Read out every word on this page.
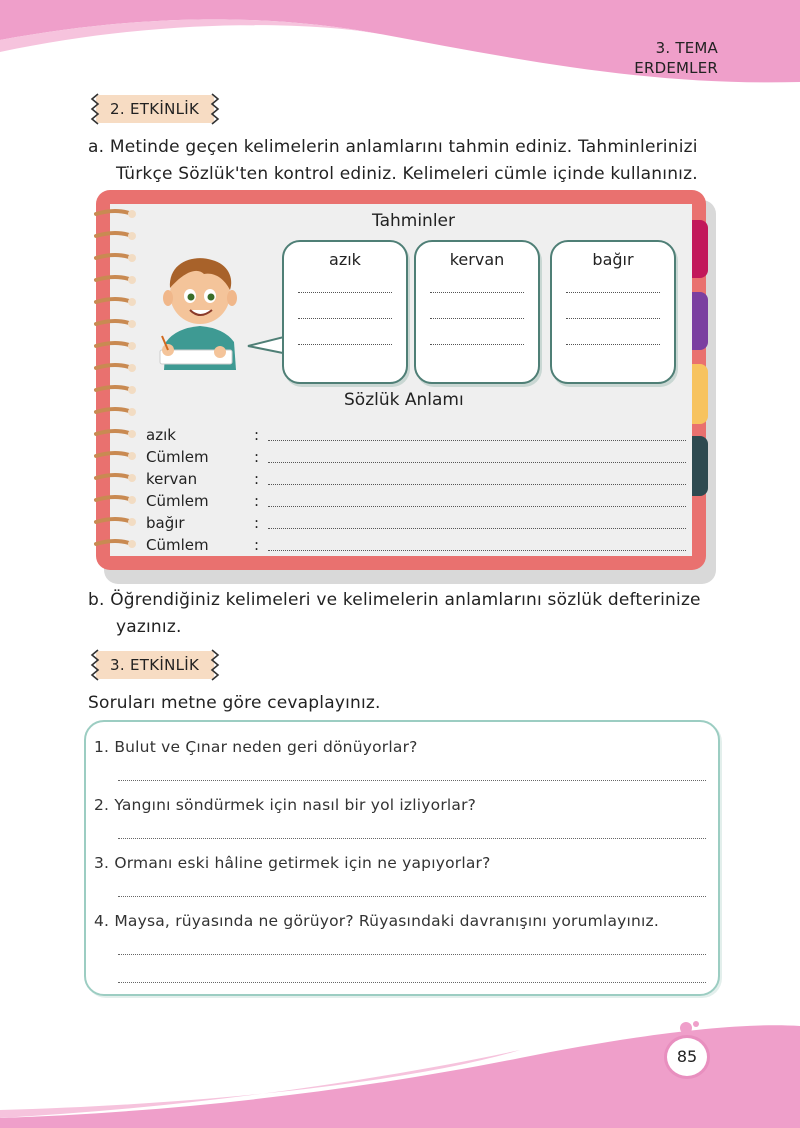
3. TEMA
ERDEMLER
2. ETKİNLİK
a. Metinde geçen kelimelerin anlamlarını tahmin ediniz. Tahminlerinizi
Türkçe Sözlük'ten kontrol ediniz. Kelimeleri cümle içinde kullanınız.
Tahminler
azık	kervan	bağır
Sözlük Anlamı
azık	:
Cümlem	:
kervan	:
Cümlem	:
bağır	:
Cümlem	:
b. Öğrendiğiniz kelimeleri ve kelimelerin anlamlarını sözlük defterinize
yazınız.
3. ETKİNLİK
Soruları metne göre cevaplayınız.
1. Bulut ve Çınar neden geri dönüyorlar?
2. Yangını söndürmek için nasıl bir yol izliyorlar?
3. Ormanı eski hâline getirmek için ne yapıyorlar?
4. Maysa, rüyasında ne görüyor? Rüyasındaki davranışını yorumlayınız.
85
